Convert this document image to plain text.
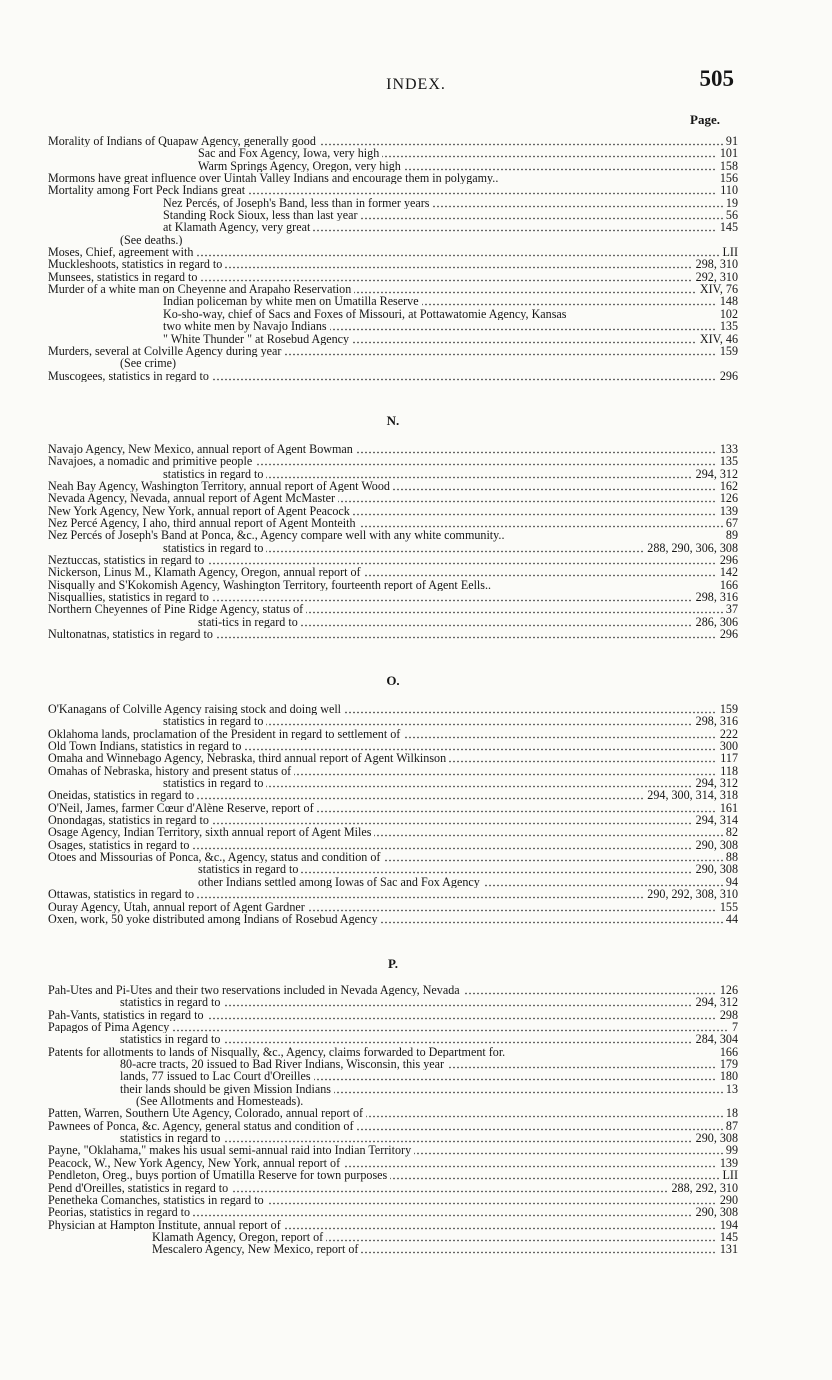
INDEX.	505
Page.
Morality of Indians of Quapaw Agency, generally good	91
Sac and Fox Agency, Iowa, very high	101
Warm Springs Agency, Oregon, very high	158
Mormons have great influence over Uintah Valley Indians and encourage them in polygamy..	156
Mortality among Fort Peck Indians great	110
Nez Percés, of Joseph's Band, less than in former years	19
Standing Rock Sioux, less than last year	56
at Klamath Agency, very great	145
(See deaths.)
Moses, Chief, agreement with	LII
Muckleshoots, statistics in regard to	298, 310
Munsees, statistics in regard to	292, 310
Murder of a white man on Cheyenne and Arapaho Reservation	XIV, 76
Indian policeman by white men on Umatilla Reserve	148
Ko-sho-way, chief of Sacs and Foxes of Missouri, at Pottawatomie Agency, Kansas	102
two white men by Navajo Indians	135
" White Thunder " at Rosebud Agency	XIV, 46
Murders, several at Colville Agency during year	159
(See crime)
Muscogees, statistics in regard to	296
N.
Navajo Agency, New Mexico, annual report of Agent Bowman	133
Navajoes, a nomadic and primitive people	135
statistics in regard to	294, 312
Neah Bay Agency, Washington Territory, annual report of Agent Wood	162
Nevada Agency, Nevada, annual report of Agent McMaster	126
New York Agency, New York, annual report of Agent Peacock	139
Nez Percé Agency, I aho, third annual report of Agent Monteith	67
Nez Percés of Joseph's Band at Ponca, &c., Agency compare well with any white community..	89
statistics in regard to	288, 290, 306, 308
Neztuccas, statistics in regard to	296
Nickerson, Linus M., Klamath Agency, Oregon, annual report of	142
Nisqually and S'Kokomish Agency, Washington Territory, fourteenth report of Agent Eells..	166
Nisquallies, statistics in regard to	298, 316
Northern Cheyennes of Pine Ridge Agency, status of	37
stati-tics in regard to	286, 306
Nultonatnas, statistics in regard to	296
O.
O'Kanagans of Colville Agency raising stock and doing well	159
statistics in regard to	298, 316
Oklahoma lands, proclamation of the President in regard to settlement of	222
Old Town Indians, statistics in regard to	300
Omaha and Winnebago Agency, Nebraska, third annual report of Agent Wilkinson	117
Omahas of Nebraska, history and present status of	118
statistics in regard to	294, 312
Oneidas, statistics in regard to	294, 300, 314, 318
O'Neil, James, farmer Cœur d'Alène Reserve, report of	161
Onondagas, statistics in regard to	294, 314
Osage Agency, Indian Territory, sixth annual report of Agent Miles	82
Osages, statistics in regard to	290, 308
Otoes and Missourias of Ponca, &c., Agency, status and condition of	88
statistics in regard to	290, 308
other Indians settled among Iowas of Sac and Fox Agency	94
Ottawas, statistics in regard to	290, 292, 308, 310
Ouray Agency, Utah, annual report of Agent Gardner	155
Oxen, work, 50 yoke distributed among Indians of Rosebud Agency	44
P.
Pah-Utes and Pi-Utes and their two reservations included in Nevada Agency, Nevada	126
statistics in regard to	294, 312
Pah-Vants, statistics in regard to	298
Papagos of Pima Agency	7
statistics in regard to	284, 304
Patents for allotments to lands of Nisqually, &c., Agency, claims forwarded to Department for.	166
80-acre tracts, 20 issued to Bad River Indians, Wisconsin, this year	179
lands, 77 issued to Lac Court d'Oreilles	180
their lands should be given Mission Indians	13
(See Allotments and Homesteads).
Patten, Warren, Southern Ute Agency, Colorado, annual report of	18
Pawnees of Ponca, &c. Agency, general status and condition of	87
statistics in regard to	290, 308
Payne, "Oklahama," makes his usual semi-annual raid into Indian Territory	99
Peacock, W., New York Agency, New York, annual report of	139
Pendleton, Oreg., buys portion of Umatilla Reserve for town purposes	LII
Pend d'Oreilles, statistics in regard to	288, 292, 310
Penetheka Comanches, statistics in regard to	290
Peorias, statistics in regard to	290, 308
Physician at Hampton Institute, annual report of	194
Klamath Agency, Oregon, report of	145
Mescalero Agency, New Mexico, report of	131
